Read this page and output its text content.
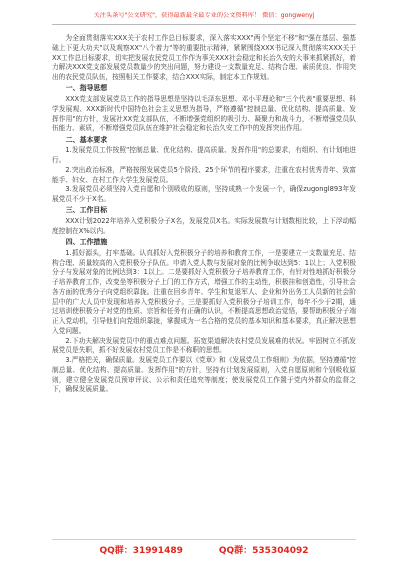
关注头条号"公文研究"，获得最新最全最专业的公文资料库！ 微信：gongwenyj

为全面贯彻落实XXX关于农村工作总目标要求，深入落实XXX"两个坚定不移"和"强在基层、强基础上下更大功夫"以及观察XX"八个着力"等的重要批示精神，紧紧围绕XXX书记深入贯彻落实XXX关于XX工作总目标要求，切实把发展农民党员工作作为事关XXX社会稳定和长治久安的大事来抓紧抓好，着力解决XXX党支部发展党员数量少的突出问题，努力建设一支数量充足、结构合理、素质优良、作用突出的农民党员队伍，按照相关工作要求，结合XXX实际，制定本工作规划。

一、指导思想

XXX党支部发展党员工作的指导思想是坚持以毛泽东思想、邓小平理论和"三个代表"重要思想、科学发展观、XXX新时代中国特色社会主义思想为指导，严格遵循"控制总量、优化结构、提高质量、发挥作用"的方针，发展社XX党支部队伍，不断增强党组织的吸引力、凝聚力和战斗力，不断增强党员队伍能力、素质，不断增强党员队伍在维护社会稳定和长治久安工作中的发挥突出作用。

二、基本要求

1.发展党员工作按照"控制总量、优化结构、提高质量、发挥作用"的总要求，有组织、有计划地进行。

2.突出政治标准，严格按照发展党员5个阶段、25个环节的程序要求，注重在农村优秀青年、致富能手、妇女、在村工作大学生发展党员。

3.发展党员必须坚持入党自愿和个别吸收的原则，坚持成熟一个发展一个，确保zugongl893年发展党员不少于X名。

三、工作目标

XXX计划2022年培养入党积极分子X名，发展党员X名。实际发展数与计划数相比较，上下浮动幅度控制在X%以内。

四、工作措施

1.抓好源头，打牢基础。认真抓好入党积极分子的培养和教育工作，一是要建立一支数量充足、结构合理、质量较高的入党积极分子队伍。申请入党人数与发展对象的比例争取达到5：1以上；入党积极分子与发展对象的比例达到3：1以上。二是要抓好入党积极分子培养教育工作，有针对性地抓好积极分子培养教育工作，改变坐等积极分子上门的工作方式，增强工作的主动性，积极挂和创造性，引导社会各方面的优秀分子向党组织靠拢。注重在回乡青年、学生和复退军人、企业和外出务工人员新的社会阶层中的广大人员中发现和培养入党积极分子。三是要抓好入党积极分子培训工作，每年不少于2期，通过培训使积极分子对党的性质、宗旨和任务有正确的认识，不断提高思想政治觉悟，要帮助积极分子端正入党动机，引导他们向党组织靠拢，掌握成为一名合格的党员的基本知识和基本要求，真正解决思想入党问题。

2.下功夫解决发展党员中的重点难点问题。拓宽渠道解决农村党员发展难的状况。牢固树立不抓发展党员是失职，抓不好发展农村党员工作是不称职的思想。

3.严格把关，确保质量。发展党员工作要以《党章》和《发展党员工作细则》为依据，坚持遵循"控制总量、优化结构、提高质量、发挥作用"的方针，坚持有计划发展原则，入党自愿原则和个别吸收原则，建立健全发展党员预审评议、公示和责任追究等制度；使发展党员工作置于党内外群众的监督之下，确保发展质量。

QQ群：31991489	QQ群：535304092
